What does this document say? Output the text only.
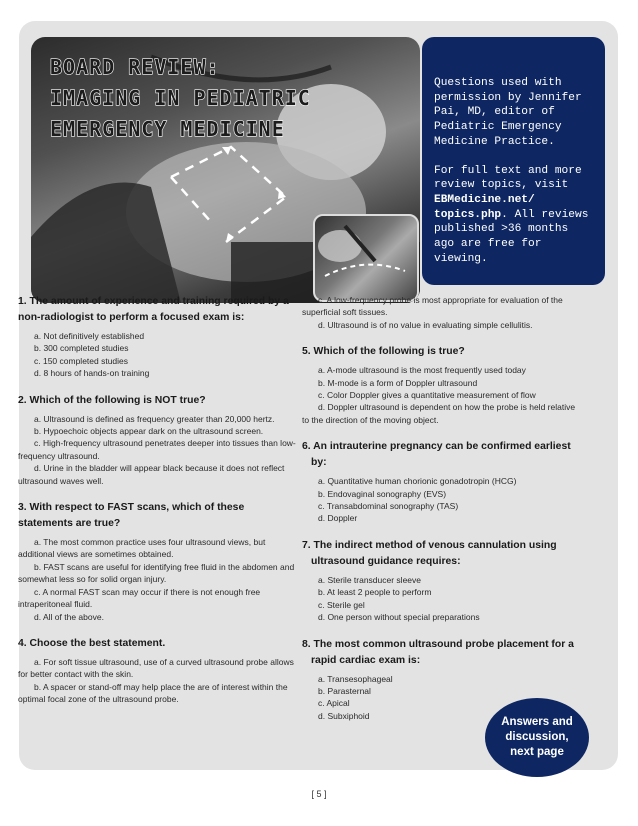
BOARD REVIEW:
IMAGING IN PEDIATRIC
EMERGENCY MEDICINE

Questions used with permission by Jennifer Pai, MD, editor of Pediatric Emergency Medicine Practice.

For full text and more review topics, visit EBMedicine.net/ topics.php. All reviews published >36 months ago are free for viewing.

1. The amount of experience and training required by a non-radiologist to perform a focused exam is:
a. Not definitively established
b. 300 completed studies
c. 150 completed studies
d. 8 hours of hands-on training
2. Which of the following is NOT true?
a. Ultrasound is defined as frequency greater than 20,000 hertz.
b. Hypoechoic objects appear dark on the ultrasound screen.
c. High-frequency ultrasound penetrates deeper into tissues than low-frequency ultrasound.
d. Urine in the bladder will appear black because it does not reflect ultrasound waves well.
3. With respect to FAST scans, which of these statements are true?
a. The most common practice uses four ultrasound views, but additional views are sometimes obtained.
b. FAST scans are useful for identifying free fluid in the abdomen and somewhat less so for solid organ injury.
c. A normal FAST scan may occur if there is not enough free intraperitoneal fluid.
d. All of the above.
4. Choose the best statement.
a. For soft tissue ultrasound, use of a curved ultrasound probe allows for better contact with the skin.
b. A spacer or stand-off may help place the are of interest within the optimal focal zone of the ultrasound probe.
c. A low-frequency probe is most appropriate for evaluation of the superficial soft tissues.
d. Ultrasound is of no value in evaluating simple cellulitis.
5. Which of the following is true?
a. A-mode ultrasound is the most frequently used today
b. M-mode is a form of Doppler ultrasound
c. Color Doppler gives a quantitative measurement of flow
d. Doppler ultrasound is dependent on how the probe is held relative to the direction of the moving object.
6. An intrauterine pregnancy can be confirmed earliest by:
a. Quantitative human chorionic gonadotropin (HCG)
b. Endovaginal sonography (EVS)
c. Transabdominal sonography (TAS)
d. Doppler
7. The indirect method of venous cannulation using ultrasound guidance requires:
a. Sterile transducer sleeve
b. At least 2 people to perform
c. Sterile gel
d. One person without special preparations
8. The most common ultrasound probe placement for a rapid cardiac exam is:
a. Transesophageal
b. Parasternal
c. Apical
d. Subxiphoid
Answers and discussion, next page
[ 5 ]
